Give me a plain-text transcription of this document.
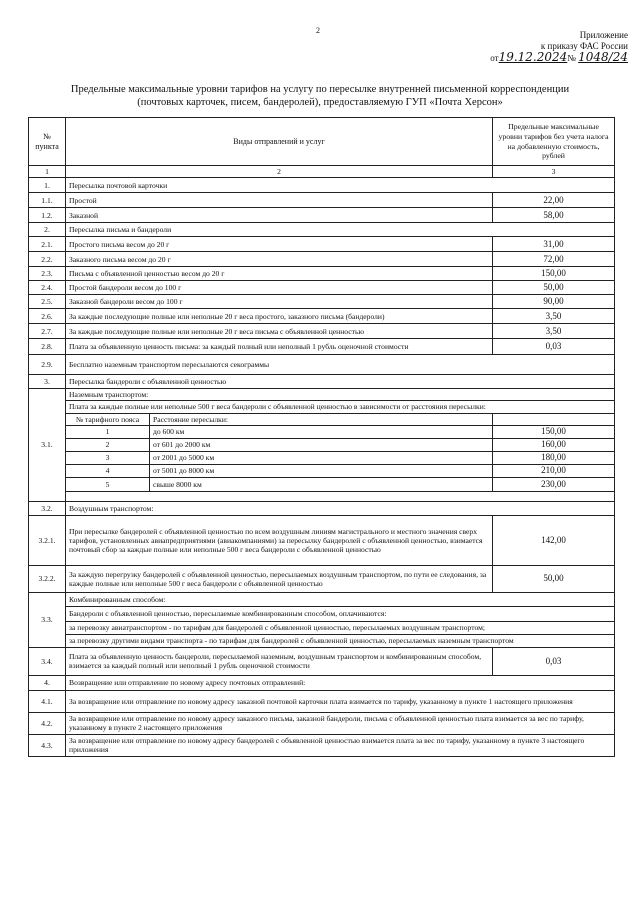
2	Приложение
к приказу ФАС России
от19.12.2024№ 1048/24
Предельные максимальные уровни тарифов на услугу по пересылке внутренней письменной корреспонденции
(почтовых карточек, писем, бандеролей), предоставляемую ГУП «Почта Херсон»
№ пункта	Виды отправлений и услуг		Предельные максимальные уровни тарифов без учета налога на добавленную стоимость, рублей
1	2		3
1.	Пересылка почтовой карточки		
1.1.	Простой		22,00
1.2.	Заказной		58,00
2.	Пересылка письма и бандероли		
2.1.	Простого письма весом до 20 г		31,00
2.2.	Заказного письма весом до 20 г		72,00
2.3.	Письма с объявленной ценностью весом до 20 г		150,00
2.4.	Простой бандероли весом до 100 г		50,00
2.5.	Заказной бандероли весом до 100 г		90,00
2.6.	За каждые последующие полные или неполные 20 г веса простого, заказного письма (бандероли)		3,50
2.7.	За каждые последующие полные или неполные 20 г веса письма с объявленной ценностью		3,50
2.8.	Плата за объявленную ценность письма: за каждый полный или неполный 1 рубль оценочной стоимости		0,03
2.9.	Бесплатно наземным транспортом пересылаются секограммы		
3.	Пересылка бандероли с объявленной ценностью		
3.1.	Наземным транспортом:		
	Плата за каждые полные или неполные 500 г веса бандероли с объявленной ценностью в зависимости от расстояния пересылки:		
	№ тарифного пояса	Расстояние пересылки:	
	1	до 600 км	150,00
	2	от 601 до 2000 км	160,00
	3	от 2001 до 5000 км	180,00
	4	от 5001 до 8000 км	210,00
	5	свыше 8000 км	230,00

3.2.	Воздушным транспортом:		
3.2.1.	При пересылке бандеролей с объявленной ценностью по всем воздушным линиям магистрального и местного значения сверх тарифов, установленных авиапредприятиями (авиакомпаниями) за пересылку бандеролей с объявленной ценностью, взимается почтовый сбор за каждые полные или неполные 500 г веса бандероли с объявленной ценностью		142,00
3.2.2.	За каждую перегрузку бандеролей с объявленной ценностью, пересылаемых воздушным транспортом, по пути ее следования, за каждые полные или неполные 500 г веса бандероли с объявленной ценностью		50,00
3.3.	Комбинированным способом:		
	Бандероли с объявленной ценностью, пересылаемые комбинированным способом, оплачиваются:		
	за перевозку авиатранспортом - по тарифам для бандеролей с объявленной ценностью, пересылаемых воздушным транспортом;		
	за перевозку другими видами транспорта - по тарифам для бандеролей с объявленной ценностью, пересылаемых наземным транспортом		
3.4.	Плата за объявленную ценность бандероли, пересылаемой наземным, воздушным транспортом и комбинированным способом, взимается за каждый полный или неполный 1 рубль оценочной стоимости		0,03
4.	Возвращение или отправление по новому адресу почтовых отправлений:		
4.1.	За возвращение или отправление по новому адресу заказной почтовой карточки плата взимается по тарифу, указанному в пункте 1 настоящего приложения		
4.2.	За возвращение или отправление по новому адресу заказного письма, заказной бандероли, письма с объявленной ценностью плата взимается за вес по тарифу, указанному в пункте 2 настоящего приложения		
4.3.	За возвращение или отправление по новому адресу бандеролей с объявленной ценностью взимается плата за вес по тарифу, указанному в пункте 3 настоящего приложения		
